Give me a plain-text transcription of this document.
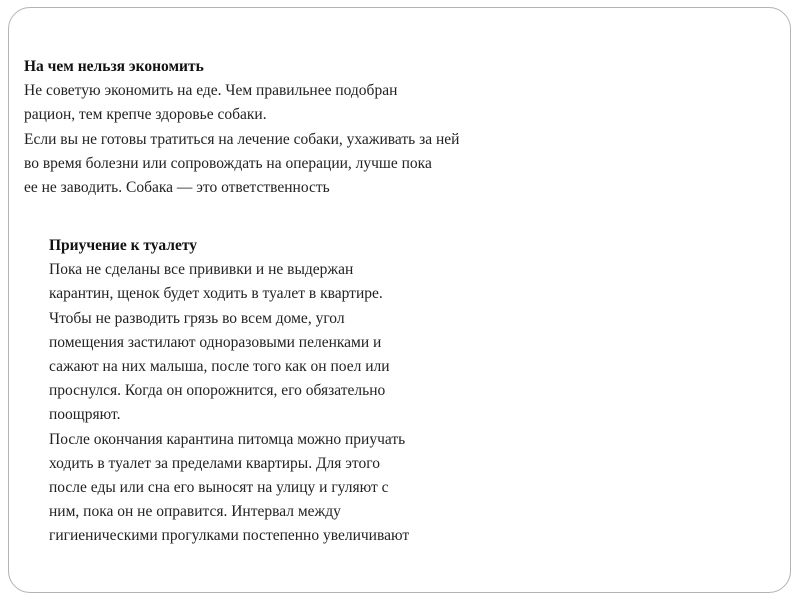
На чем нельзя экономить
Не советую экономить на еде. Чем правильнее подобран
рацион, тем крепче здоровье собаки.
Если вы не готовы тратиться на лечение собаки, ухаживать за ней
во время болезни или сопровождать на операции, лучше пока
ее не заводить. Собака — это ответственность
Приучение к туалету
Пока не сделаны все прививки и не выдержан
карантин, щенок будет ходить в туалет в квартире.
Чтобы не разводить грязь во всем доме, угол
помещения застилают одноразовыми пеленками и
сажают на них малыша, после того как он поел или
проснулся. Когда он опорожнится, его обязательно
поощряют.
После окончания карантина питомца можно приучать
ходить в туалет за пределами квартиры. Для этого
после еды или сна его выносят на улицу и гуляют с
ним, пока он не оправится. Интервал между
гигиеническими прогулками постепенно увеличивают
